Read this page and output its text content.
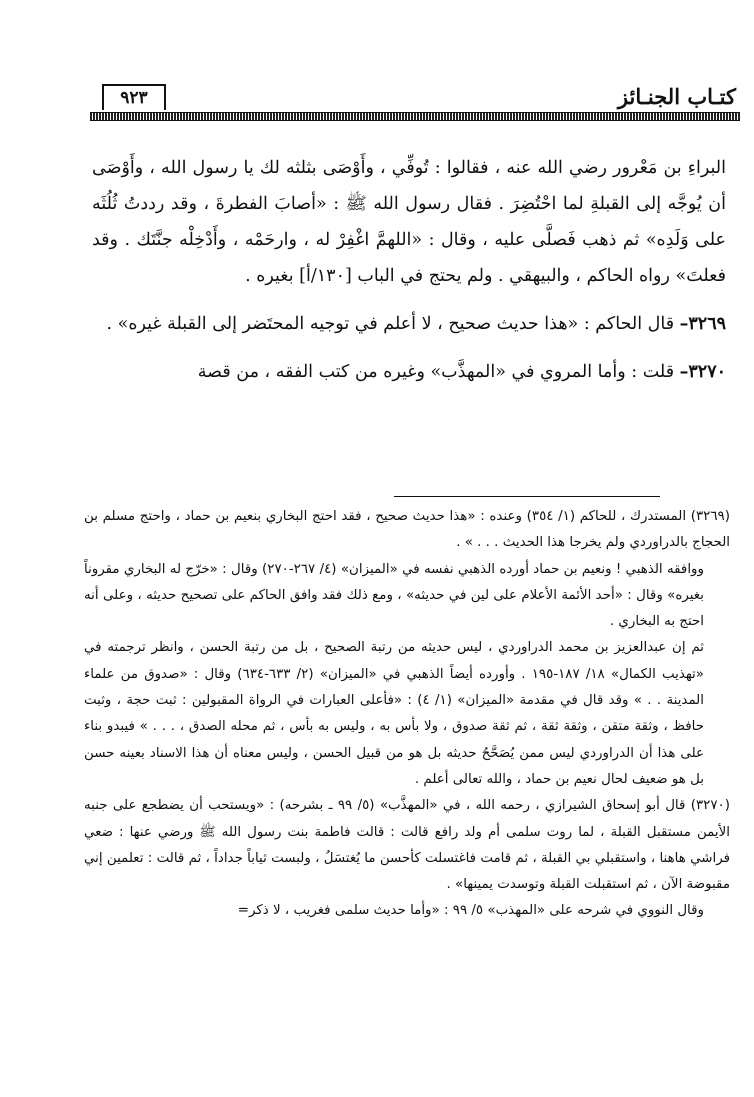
كتـاب الجنـائز
٩٢٣

البراءِ بن مَعْرور رضي الله عنه ، فقالوا : تُوفِّي ، وأَوْصَى بثلثه لك يا رسول الله ، وأَوْصَى أن يُوجَّه إلى القبلةِ لما احْتُضِرَ . فقال رسول الله ﷺ : «أصابَ الفطرةَ ، وقد رددتُ ثُلُثَه على وَلَدِه» ثم ذهب فَصلَّى عليه ، وقال : «اللهمَّ اغْفِرْ له ، وارحَمْه ، وأَدْخِلْه جنَّتَك . وقد فعلتَ» رواه الحاكم ، والبيهقي . ولم يحتج في الباب [١٣٠/أ] بغيره .

٣٢٦٩– قال الحاكم : «هذا حديث صحيح ، لا أعلم في توجيه المحتَضر إلى القبلة غيره» .

٣٢٧٠– قلت : وأما المروي في «المهذَّب» وغيره من كتب الفقه ، من قصة

(٣٢٦٩) المستدرك ، للحاكم (١/ ٣٥٤) وعنده : «هذا حديث صحيح ، فقد احتج البخاري بنعيم بن حماد ، واحتج مسلم بن الحجاج بالدراوردي ولم يخرجا هذا الحديث . . . » .

ووافقه الذهبي ! ونعيم بن حماد أورده الذهبي نفسه في «الميزان» (٤/ ٢٦٧-٢٧٠) وقال : «خرّج له البخاري مقروناً بغيره» وقال : «أحد الأئمة الأعلام على لين في حديثه» ، ومع ذلك فقد وافق الحاكم على تصحيح حديثه ، وعلى أنه احتج به البخاري .

ثم إن عبدالعزيز بن محمد الدراوردي ، ليس حديثه من رتبة الصحيح ، بل من رتبة الحسن ، وانظر ترجمته في «تهذيب الكمال» ١٨/ ١٨٧-١٩٥ . وأورده أيضاً الذهبي في «الميزان» (٢/ ٦٣٣-٦٣٤) وقال : «صدوق من علماء المدينة . . » وقد قال في مقدمة «الميزان» (١/ ٤) : «فأعلى العبارات في الرواة المقبولين : ثبت حجة ، وثبت حافظ ، وثقة متقن ، وثقة ثقة ، ثم ثقة صدوق ، ولا بأس به ، وليس به بأس ، ثم محله الصدق ، . . . » فيبدو بناء على هذا أن الدراوردي ليس ممن يُصَحَّحُ حديثه بل هو من قبيل الحسن ، وليس معناه أن هذا الاسناد بعينه حسن بل هو ضعيف لحال نعيم بن حماد ، والله تعالى أعلم .

(٣٢٧٠) قال أبو إسحاق الشيرازي ، رحمه الله ، في «المهذَّب» (٥/ ٩٩ ـ بشرحه) : «ويستحب أن يضطجع على جنبه الأيمن مستقبل القبلة ، لما روت سلمى أم ولد رافع قالت : قالت فاطمة بنت رسول الله ﷺ ورضي عنها : ضعي فراشي هاهنا ، واستقبلي بي القبلة ، ثم قامت فاغتسلت كأحسن ما يُغتسَلُ ، ولبست ثياباً جداداً ، ثم قالت : تعلمين إني مقبوضة الآن ، ثم استقبلت القبلة وتوسدت يمينها» .

وقال النووي في شرحه على «المهذب» ٥/ ٩٩ : «وأما حديث سلمى فغريب ، لا ذكر=
